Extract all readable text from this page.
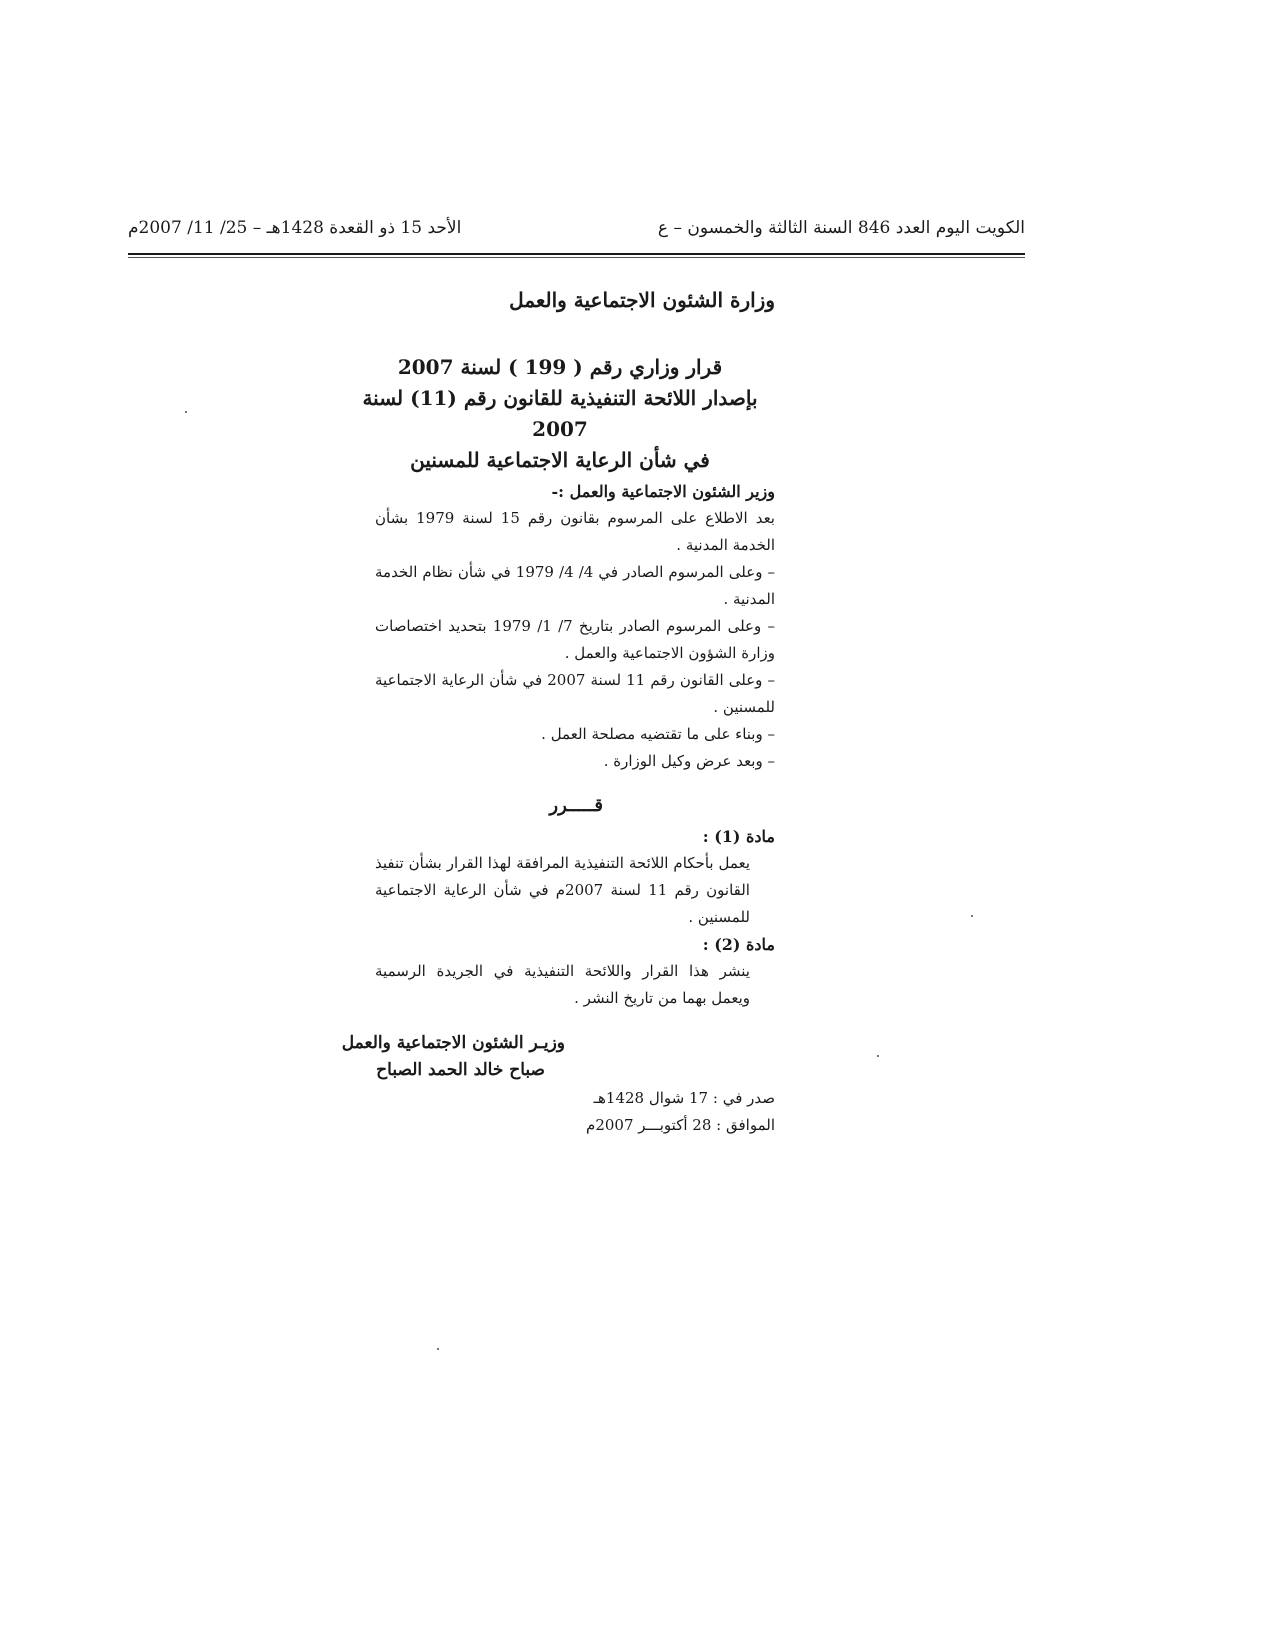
الكويت اليوم العدد 846 السنة الثالثة والخمسون – ع
الأحد 15 ذو القعدة 1428هـ – 25/ 11/ 2007م
وزارة الشئون الاجتماعية والعمل
قرار وزاري رقم ( 199 ) لسنة 2007
بإصدار اللائحة التنفيذية للقانون رقم (11) لسنة 2007
في شأن الرعاية الاجتماعية للمسنين

وزير الشئون الاجتماعية والعمل :-

بعد الاطلاع على المرسوم بقانون رقم 15 لسنة 1979 بشأن الخدمة المدنية .

– وعلى المرسوم الصادر في 4/ 4/ 1979 في شأن نظام الخدمة المدنية .

– وعلى المرسوم الصادر بتاريخ 7/ 1/ 1979 بتحديد اختصاصات وزارة الشؤون الاجتماعية والعمل .

– وعلى القانون رقم 11 لسنة 2007 في شأن الرعاية الاجتماعية للمسنين .

– وبناء على ما تقتضيه مصلحة العمل .

– وبعد عرض وكيل الوزارة .

قـــــرر

مادة (1) :

يعمل بأحكام اللائحة التنفيذية المرافقة لهذا القرار بشأن تنفيذ القانون رقم 11 لسنة 2007م في شأن الرعاية الاجتماعية للمسنين .

مادة (2) :

ينشر هذا القرار واللائحة التنفيذية في الجريدة الرسمية ويعمل بهما من تاريخ النشر .

وزيـر الشئون الاجتماعية والعمل
صباح خالد الحمد الصباح
صدر في : 17 شوال 1428هـ
الموافق : 28 أكتوبـــر 2007م
